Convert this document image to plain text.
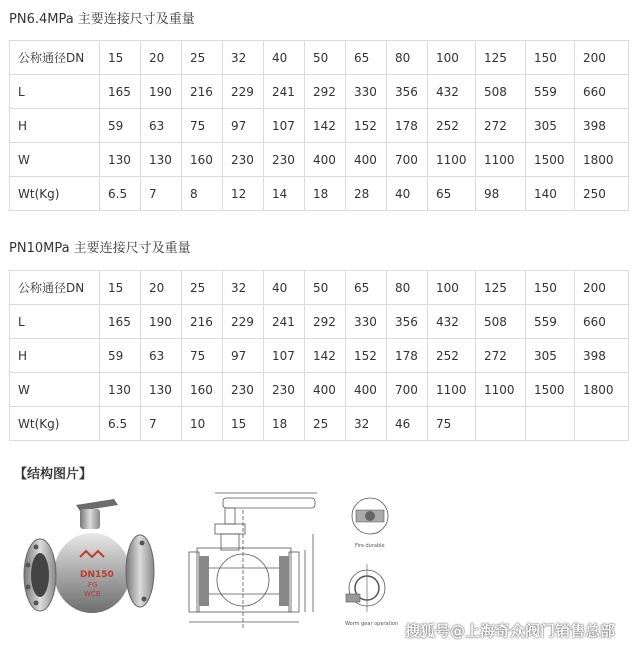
PN6.4MPa 主要连接尺寸及重量
公称通径DN	15	20	25	32	40	50	65	80	100	125	150	200
L	165	190	216	229	241	292	330	356	432	508	559	660
H	59	63	75	97	107	142	152	178	252	272	305	398
W	130	130	160	230	230	400	400	700	1100	1100	1500	1800
Wt(Kg)	6.5	7	8	12	14	18	28	40	65	98	140	250
PN10MPa 主要连接尺寸及重量
公称通径DN	15	20	25	32	40	50	65	80	100	125	150	200
L	165	190	216	229	241	292	330	356	432	508	559	660
H	59	63	75	97	107	142	152	178	252	272	305	398
W	130	130	160	230	230	400	400	700	1100	1100	1500	1800
Wt(Kg)	6.5	7	10	15	18	25	32	46	75			
【结构图片】
DN150
FG
WCB
Fire durable
Worm gear operation 搜狐号@上海奇众阀门销售总部
